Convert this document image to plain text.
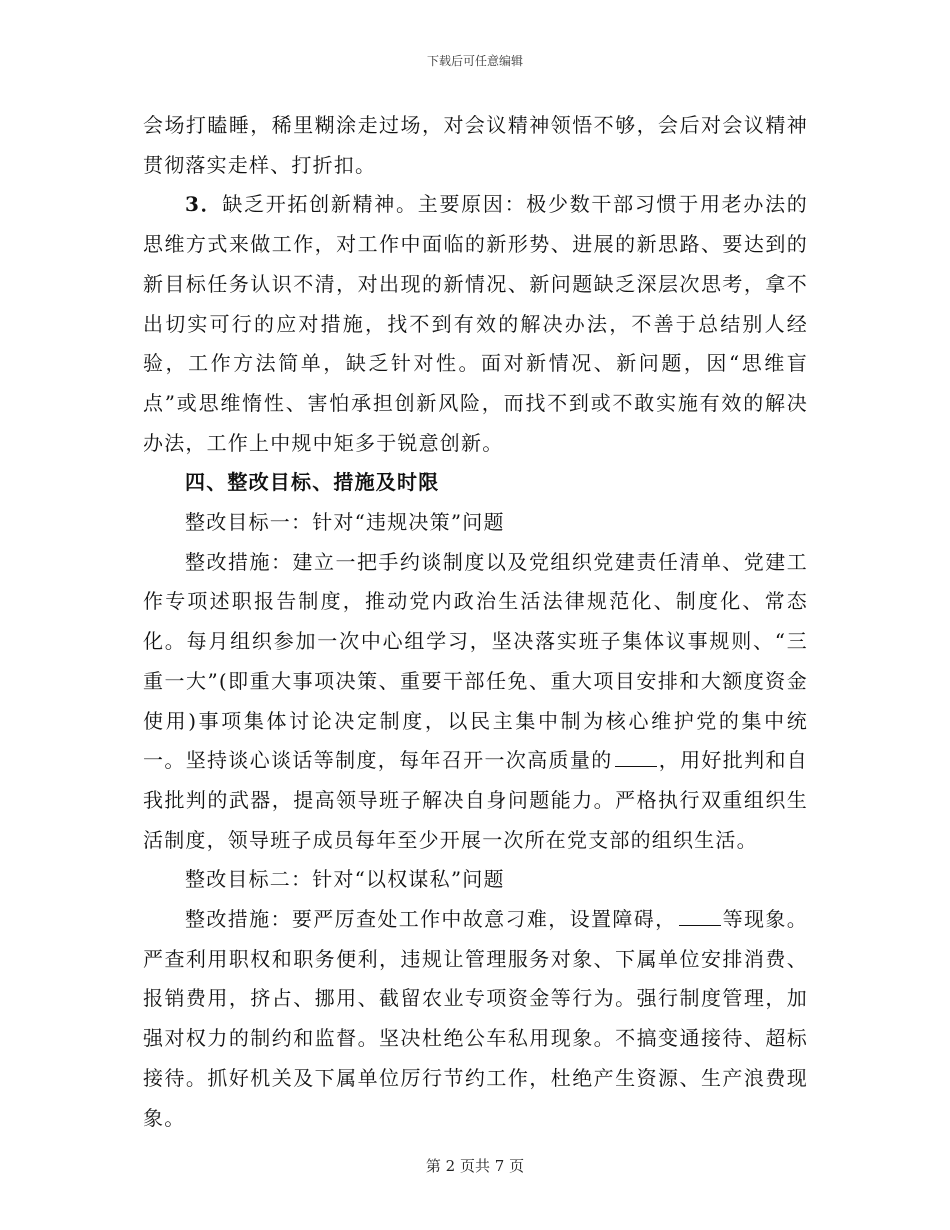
下载后可任意编辑

会场打瞌睡，稀里糊涂走过场，对会议精神领悟不够，会后对会议精神贯彻落实走样、打折扣。

3．缺乏开拓创新精神。主要原因：极少数干部习惯于用老办法的思维方式来做工作，对工作中面临的新形势、进展的新思路、要达到的新目标任务认识不清，对出现的新情况、新问题缺乏深层次思考，拿不出切实可行的应对措施，找不到有效的解决办法，不善于总结别人经验，工作方法简单，缺乏针对性。面对新情况、新问题，因“思维盲点”或思维惰性、害怕承担创新风险，而找不到或不敢实施有效的解决办法，工作上中规中矩多于锐意创新。

四、整改目标、措施及时限

整改目标一：针对“违规决策”问题

整改措施：建立一把手约谈制度以及党组织党建责任清单、党建工作专项述职报告制度，推动党内政治生活法律规范化、制度化、常态化。每月组织参加一次中心组学习，坚决落实班子集体议事规则、“三重一大”(即重大事项决策、重要干部任免、重大项目安排和大额度资金使用)事项集体讨论决定制度，以民主集中制为核心维护党的集中统一。坚持谈心谈话等制度，每年召开一次高质量的 ，用好批判和自我批判的武器，提高领导班子解决自身问题能力。严格执行双重组织生活制度，领导班子成员每年至少开展一次所在党支部的组织生活。

整改目标二：针对“以权谋私”问题

整改措施：要严厉查处工作中故意刁难，设置障碍， 等现象。严查利用职权和职务便利，违规让管理服务对象、下属单位安排消费、报销费用，挤占、挪用、截留农业专项资金等行为。强行制度管理，加强对权力的制约和监督。坚决杜绝公车私用现象。不搞变通接待、超标接待。抓好机关及下属单位厉行节约工作，杜绝产生资源、生产浪费现象。

第 2 页共 7 页
